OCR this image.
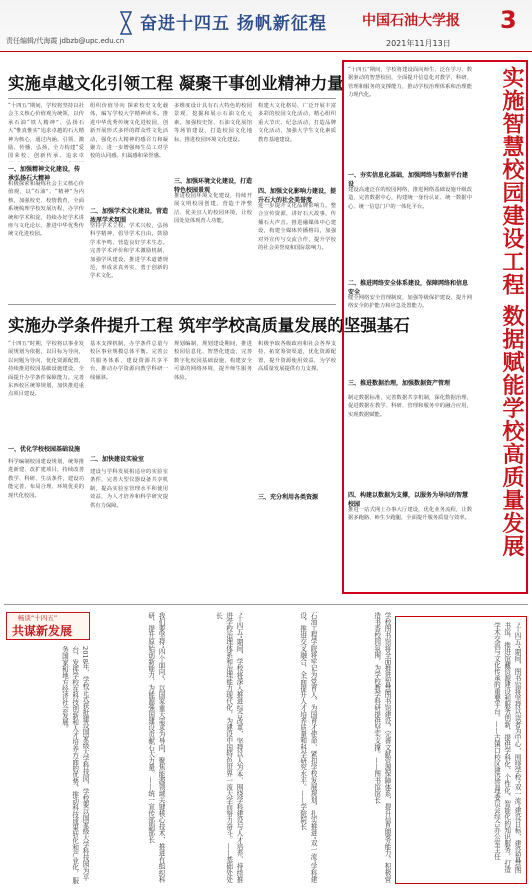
奋进十四五 扬帆新征程	中国石油大学报
2021年11月13日
3
责任编辑/代海霞 jdbzb@upc.edu.cn
实施卓越文化引领工程 凝聚干事创业精神力量
“十四五”期间，学校将坚持以社会主义核心价值观为统领，以传承石油“铁人精神”、弘扬石大“惟真惟实”追求卓越的石大精神为核心，通过内涵、引领、激励、传播、弘扬，全力构建“爱国荣校、创新传承、追求卓
一、加强精神文化建设，传承弘扬石大精神
积极探索和凝练社会主义核心价值观，以“石油”、“精神”为内核，加强校史、校情教育，全面系统梳理学校发展历程、办学传统和学术积淀，持续办好学术讲座与文化论坛，推进中华优秀传统文化进校园。
组织价值导向 探索校史文化载体，编写学校大学精神读本。推进中华优秀传统文化进校园，创新开展形式多样的群众性文化活动，强化石大精神的感召力和凝聚力，进一步增强师生员工对学校的认同感、归属感和荣誉感。
二、加强学术文化建设，营造浓厚学术氛围
坚持学术立校、学术兴校，弘扬科学精神，倡导学术自由，鼓励学术争鸣，营造良好学术生态。完善学术评价和学术激励机制，加强学风建设，推进学术道德规范，形成求真务实、勇于创新的学术文化。
多维度设计具有石大特色的校园景观，挖掘和展示石油文化元素。加强校史馆、石油文化展馆等场馆建设，打造校园文化地标，推进校园环境文化建设。
三、加强环境文化建设，打造特色校园景观
推进校园环境文化建设，持续开展文明校园创建，营造干净整洁、优美宜人的校园环境，让校园处处体现育人功能。
构建大文化格局，广泛开展丰富多彩的校园文化活动，精心组织重大节庆、纪念活动，打造品牌文化活动，加强大学生文化素质教育基地建设。
四、加强文化影响力建设，提升石大的社会美誉度
进一步提升文化品牌影响力。整合宣传资源，讲好石大故事，传播石大声音。推进融媒体中心建设，构建全媒体传播格局，加强对外宣传与交流合作，提升学校的社会美誉度和国际影响力。
实施办学条件提升工程 筑牢学校高质量发展的坚强基石
“十四五”时期，学校将以事业发展规划为依据，以目标为导向，以问题为导向，优化资源配置，持续推进校园基础设施建设，全面提升办学条件保障能力。完善东西校区统筹规划，加快推进重点项目建设。
一、优化学校校园基础设施
科学编制校园建设规划，统筹推进新建、改扩建项目，持续改善教学、科研、生活条件，建设功能完善、布局合理、环境优美的现代化校园。
基本支撑机制，办学条件总量与校区事业规模总体平衡。完善公共服务体系，建设资源共享平台，推动办学资源向教学科研一线倾斜。
二、加快建设实验室
建设与学科发展相适应的实验室条件，完善大型仪器设备共享机制，提高实验室管理水平和使用效益，为人才培养和科学研究提供有力保障。
规划编制，规划建设期间，推进校园信息化、智慧化建设，完善数字化校园基础设施，构建安全可靠的网络环境，提升师生服务体验。
三、充分利用各类资源
积极争取各级政府和社会各界支持，拓宽筹资渠道，优化资源配置，提升资源使用效益，为学校高质量发展提供有力支撑。	实施智慧校园建设工程 数据赋能学校高质量发展
“十四五”期间，学校将建设面向师生、泛在学习、数据驱动的智慧校园，全面提升信息化对教学、科研、管理和服务的支撑能力，推动学校治理体系和治理能力现代化。
一、夯实信息化基础，加强网络与数据平台建设
建设高速泛在的校园网络，推进网络基础设施升级改造，完善数据中心，构建统一身份认证、统一数据中心、统一信息门户的一体化平台。
二、推进网络安全体系建设，保障网络和信息安全
健全网络安全管理制度，加强等级保护建设，提升网络安全防护能力和应急处置能力。
三、推进数据治理，加强数据资产管理
制定数据标准，完善数据共享机制，深化数据治理，促进数据在教学、科研、管理和服务中的融合应用，实现数据赋能。
四、构建以数据为支撑，以服务为导向的智慧校园
推进一站式网上办事大厅建设，优化业务流程，让数据多跑路、师生少跑腿，全面提升服务质量与效率。
畅谈“十四五”
共谋新发展
2018年，学校正式获批建设国家级大学科技园，学校要以国家级大学科技园为平台，发挥学校在科技创新和人才培养方面的优势，推动科技成果转化和产业化，服务国家和地方经济社会发展。	我们要坚持“四个面向”，以国家重大需求为导向，聚焦能源领域关键核心技术，推进有组织科研，提升原始创新能力，为能源强国建设贡献石大力量。——统一宣传部副部长	“十四五”期间，学校将深入推进综合改革，坚持以人为本，围绕学科建设与人才培养，持续推进学校治理体系和治理能力现代化，为建设中国特色世界一流大学而努力奋斗。——基础处处长	石油工程学院将牢记为党育人、为国育才使命，紧扣学校发展规划，扎实推进“双一流”学科建设，推进交叉融合，全面提升人才培养质量和科学研究水平。——学院院长	学校图书馆将全面推进智慧图书馆建设，完善文献资源保障体系，提升信息服务能力，积极营造书香校园氛围，为学校教学科研提供坚实支撑。——图书馆馆长	“十四五”期间，图书馆将坚持以读者为中心，围绕学校“双一流”建设目标，建设智慧图书馆，推进馆藏资源建设和服务创新，提供学科化、个性化、智能化的知识服务，打造学术交流与文化传承的重要平台。——古镇口校区建设管理委员会综合办公室主任
